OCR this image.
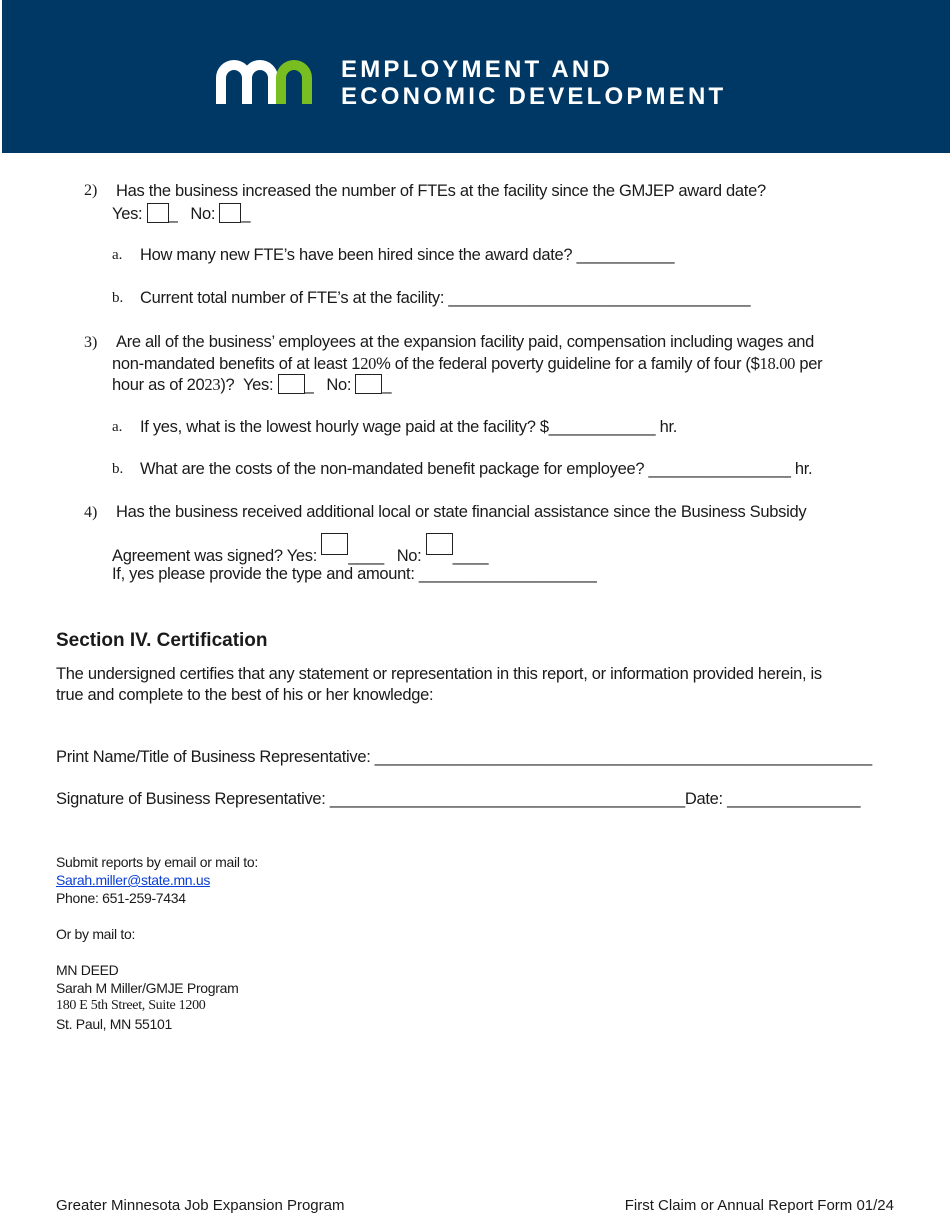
EMPLOYMENT AND
ECONOMIC DEVELOPMENT
2) Has the business increased the number of FTEs at the facility since the GMJEP award date?
Yes: _   No: _
a. How many new FTE’s have been hired since the award date? ___________
b. Current total number of FTE’s at the facility: __________________________________
3) Are all of the business’ employees at the expansion facility paid, compensation including wages and
non-mandated benefits of at least 120% of the federal poverty guideline for a family of four ($18.00 per
hour as of 2023)? Yes: _   No: _
a. If yes, what is the lowest hourly wage paid at the facility? $____________ hr.
b. What are the costs of the non-mandated benefit package for employee? ________________ hr.
4) Has the business received additional local or state financial assistance since the Business Subsidy
Agreement was signed? Yes: ____ No: ____
If, yes please provide the type and amount: ____________________
Section IV. Certification
The undersigned certifies that any statement or representation in this report, or information provided herein, is
true and complete to the best of his or her knowledge:
Print Name/Title of Business Representative: ________________________________________________________
Signature of Business Representative: ________________________________________Date: _______________
Submit reports by email or mail to:
Sarah.miller@state.mn.us
Phone: 651-259-7434
Or by mail to:
MN DEED
Sarah M Miller/GMJE Program
180 E 5th Street, Suite 1200
St. Paul, MN 55101
Greater Minnesota Job Expansion Program	First Claim or Annual Report Form 01/24
